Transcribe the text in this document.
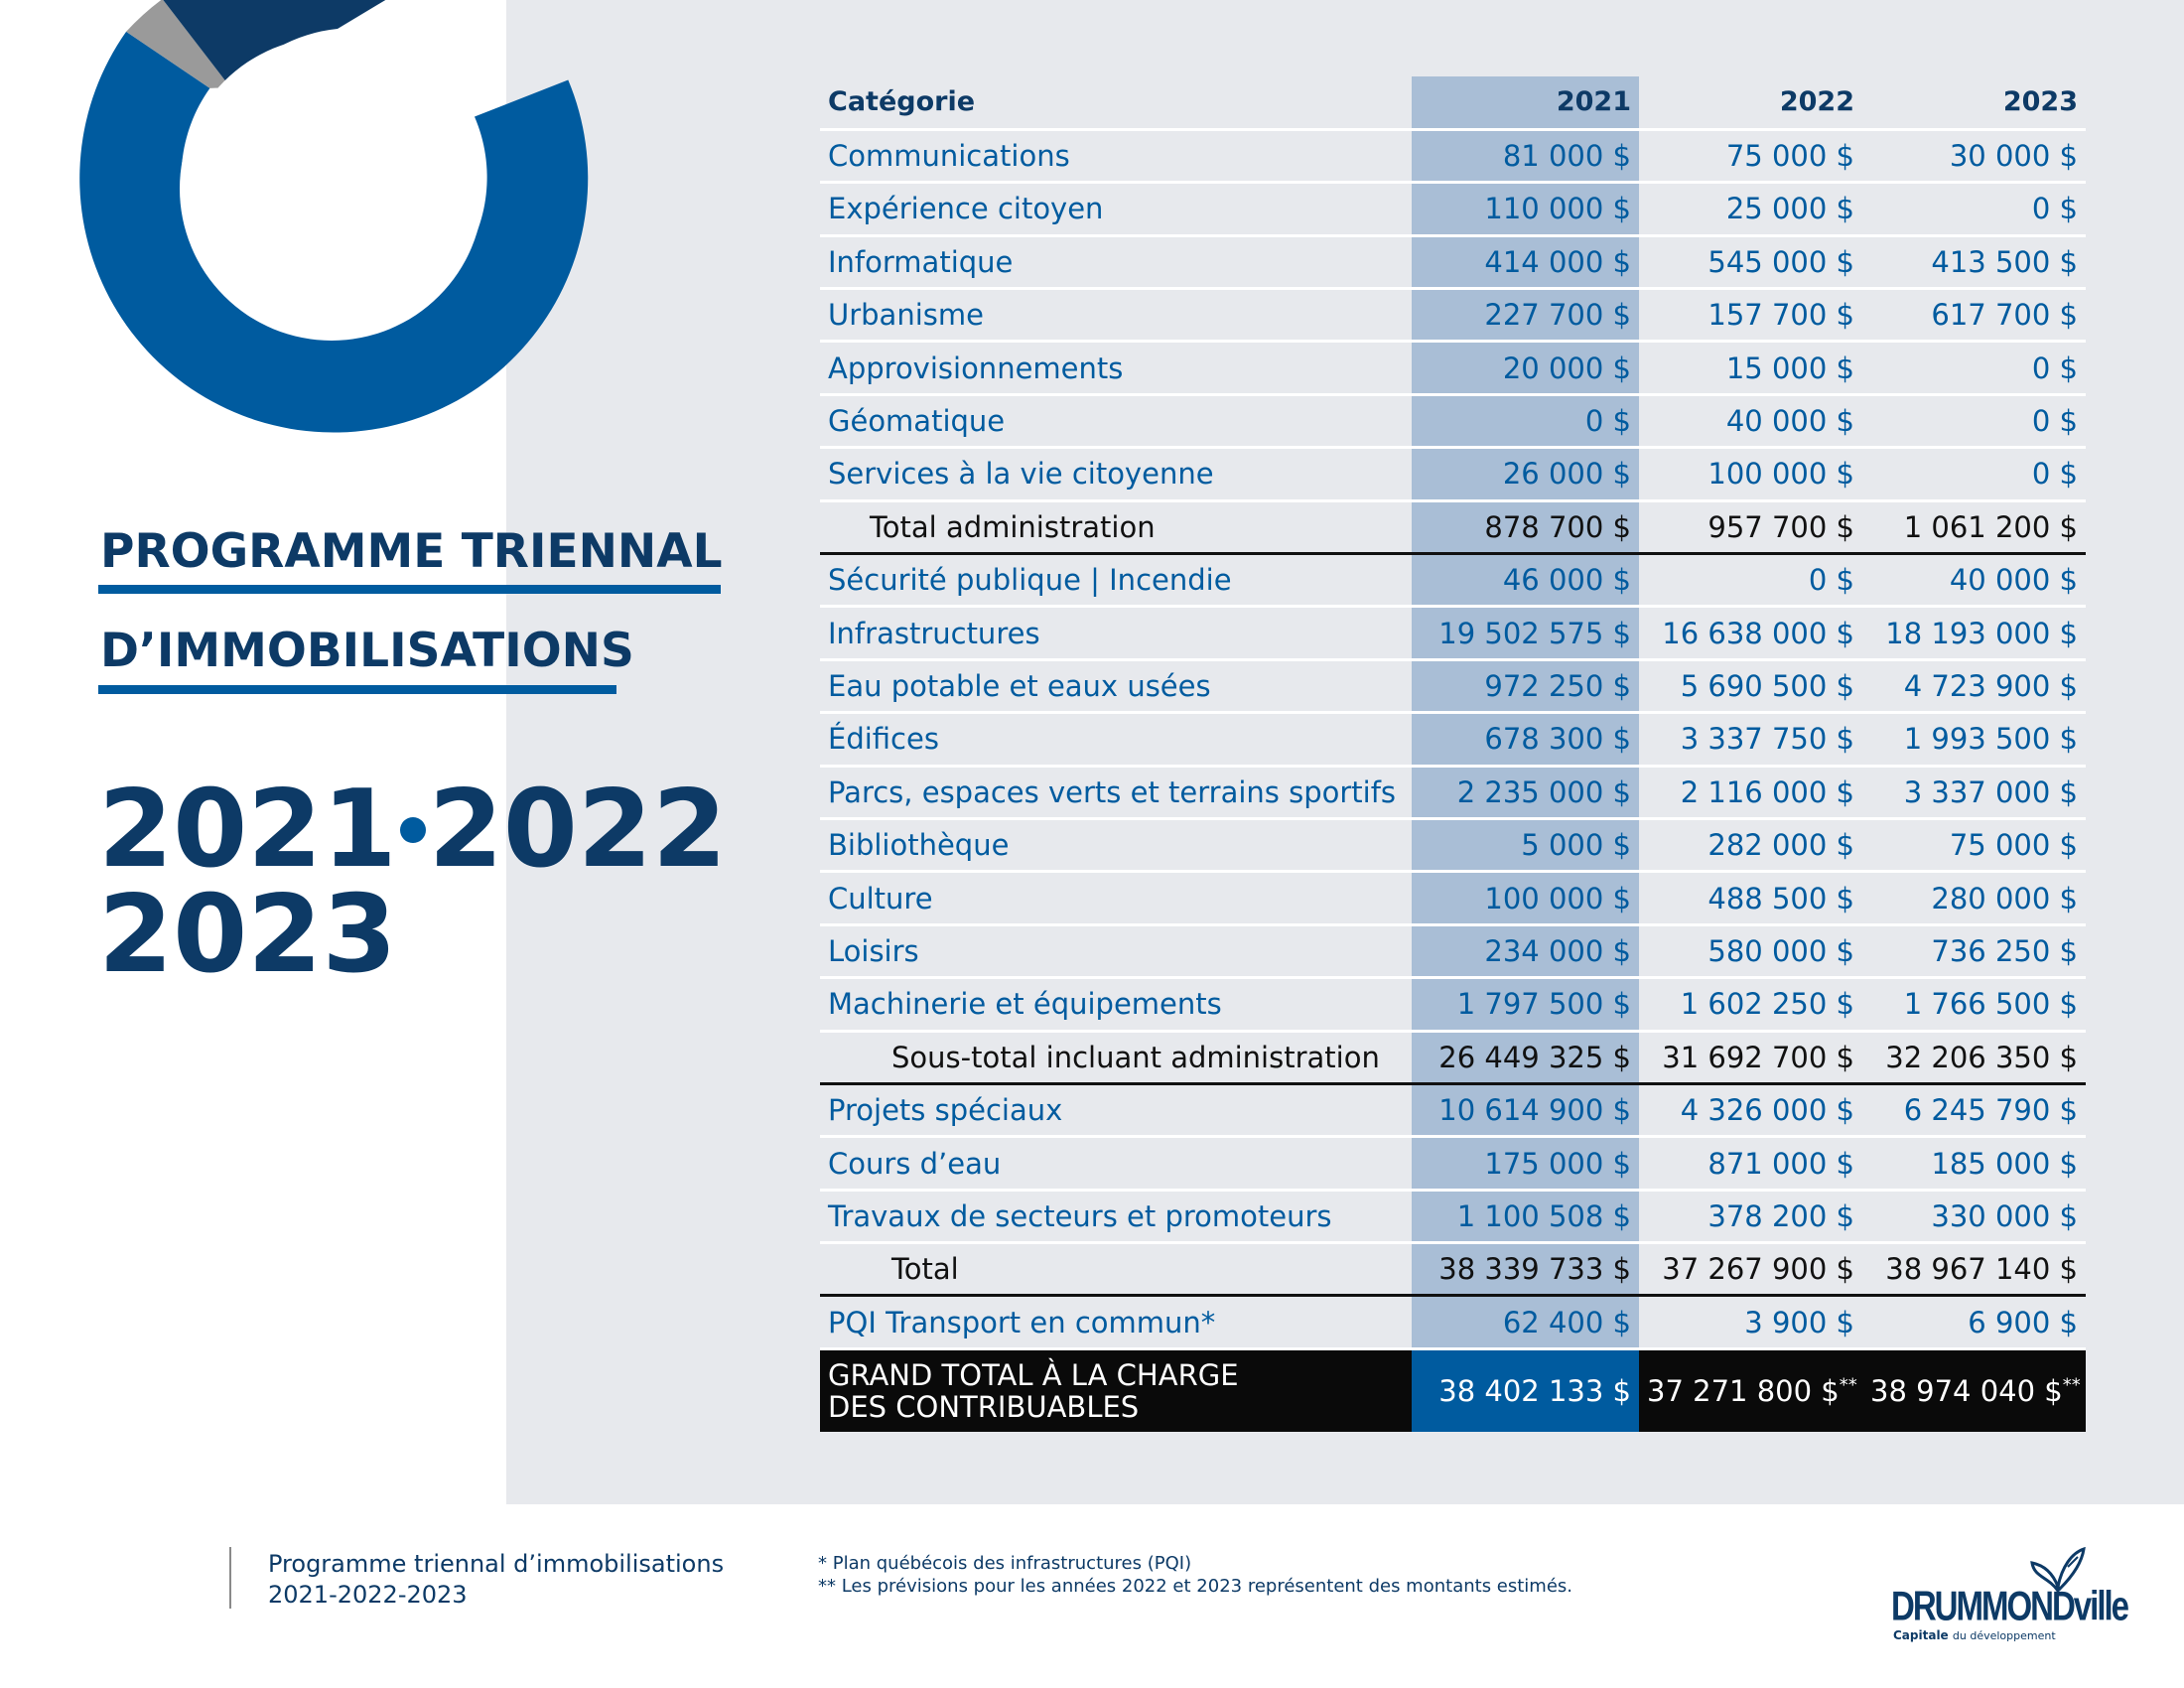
PROGRAMME TRIENNAL
D’IMMOBILISATIONS
2021 2022
2023
Catégorie	2021	2022	2023
Communications	81 000 $	75 000 $	30 000 $
Expérience citoyen	110 000 $	25 000 $	0 $
Informatique	414 000 $	545 000 $	413 500 $
Urbanisme	227 700 $	157 700 $	617 700 $
Approvisionnements	20 000 $	15 000 $	0 $
Géomatique	0 $	40 000 $	0 $
Services à la vie citoyenne	26 000 $	100 000 $	0 $
Total administration	878 700 $	957 700 $	1 061 200 $
Sécurité publique | Incendie	46 000 $	0 $	40 000 $
Infrastructures	19 502 575 $	16 638 000 $	18 193 000 $
Eau potable et eaux usées	972 250 $	5 690 500 $	4 723 900 $
Édifices	678 300 $	3 337 750 $	1 993 500 $
Parcs, espaces verts et terrains sportifs	2 235 000 $	2 116 000 $	3 337 000 $
Bibliothèque	5 000 $	282 000 $	75 000 $
Culture	100 000 $	488 500 $	280 000 $
Loisirs	234 000 $	580 000 $	736 250 $
Machinerie et équipements	1 797 500 $	1 602 250 $	1 766 500 $
Sous-total incluant administration	26 449 325 $	31 692 700 $	32 206 350 $
Projets spéciaux	10 614 900 $	4 326 000 $	6 245 790 $
Cours d’eau	175 000 $	871 000 $	185 000 $
Travaux de secteurs et promoteurs	1 100 508 $	378 200 $	330 000 $
Total	38 339 733 $	37 267 900 $	38 967 140 $
PQI Transport en commun*	62 400 $	3 900 $	6 900 $

GRAND TOTAL À LA CHARGE
DES CONTRIBUABLES	38 402 133 $	37 271 800 $**	38 974 040 $**
Programme triennal d’immobilisations
2021-2022-2023
* Plan québécois des infrastructures (PQI)
** Les prévisions pour les années 2022 et 2023 représentent des montants estimés.	DRUMMONDville
Capitale du développement
